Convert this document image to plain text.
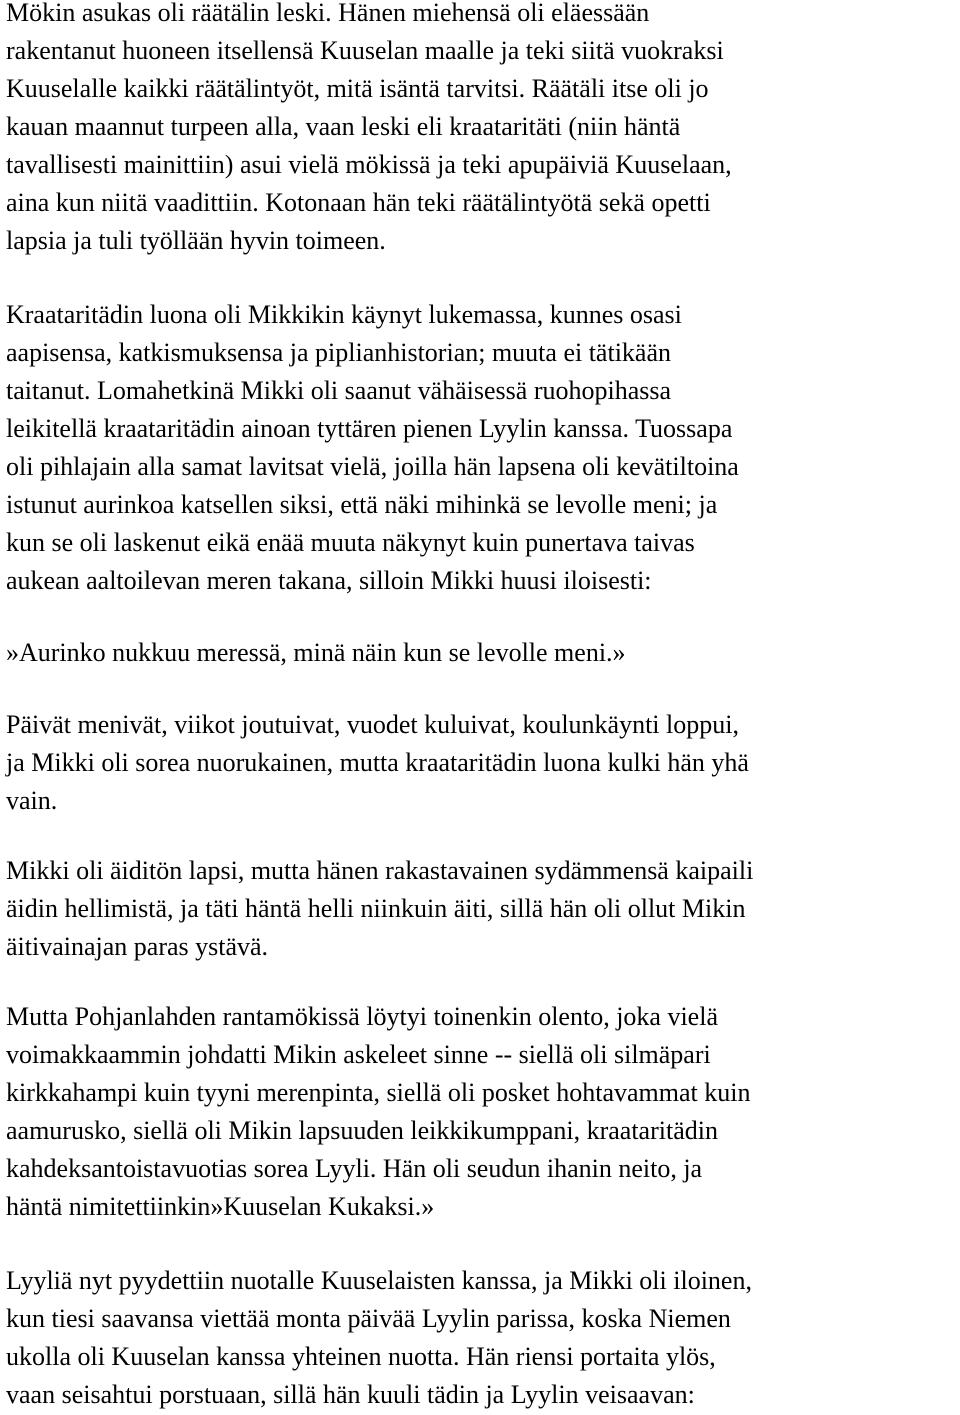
Mökin asukas oli räätälin leski. Hänen miehensä oli eläessään
rakentanut huoneen itsellensä Kuuselan maalle ja teki siitä vuokraksi
Kuuselalle kaikki räätälintyöt, mitä isäntä tarvitsi. Räätäli itse oli jo
kauan maannut turpeen alla, vaan leski eli kraataritäti (niin häntä
tavallisesti mainittiin) asui vielä mökissä ja teki apupäiviä Kuuselaan,
aina kun niitä vaadittiin. Kotonaan hän teki räätälintyötä sekä opetti
lapsia ja tuli työllään hyvin toimeen.

Kraataritädin luona oli Mikkikin käynyt lukemassa, kunnes osasi
aapisensa, katkismuksensa ja piplianhistorian; muuta ei tätikään
taitanut. Lomahetkinä Mikki oli saanut vähäisessä ruohopihassa
leikitellä kraataritädin ainoan tyttären pienen Lyylin kanssa. Tuossapa
oli pihlajain alla samat lavitsat vielä, joilla hän lapsena oli kevätiltoina
istunut aurinkoa katsellen siksi, että näki mihinkä se levolle meni; ja
kun se oli laskenut eikä enää muuta näkynyt kuin punertava taivas
aukean aaltoilevan meren takana, silloin Mikki huusi iloisesti:

»Aurinko nukkuu meressä, minä näin kun se levolle meni.»

Päivät menivät, viikot joutuivat, vuodet kuluivat, koulunkäynti loppui,
ja Mikki oli sorea nuorukainen, mutta kraataritädin luona kulki hän yhä
vain.

Mikki oli äiditön lapsi, mutta hänen rakastavainen sydämmensä kaipaili
äidin hellimistä, ja täti häntä helli niinkuin äiti, sillä hän oli ollut Mikin
äitivainajan paras ystävä.

Mutta Pohjanlahden rantamökissä löytyi toinenkin olento, joka vielä
voimakkaammin johdatti Mikin askeleet sinne -- siellä oli silmäpari
kirkkahampi kuin tyyni merenpinta, siellä oli posket hohtavammat kuin
aamurusko, siellä oli Mikin lapsuuden leikkikumppani, kraataritädin
kahdeksantoistavuotias sorea Lyyli. Hän oli seudun ihanin neito, ja
häntä nimitettiinkin»Kuuselan Kukaksi.»

Lyyliä nyt pyydettiin nuotalle Kuuselaisten kanssa, ja Mikki oli iloinen,
kun tiesi saavansa viettää monta päivää Lyylin parissa, koska Niemen
ukolla oli Kuuselan kanssa yhteinen nuotta. Hän riensi portaita ylös,
vaan seisahtui porstuaan, sillä hän kuuli tädin ja Lyylin veisaavan:
